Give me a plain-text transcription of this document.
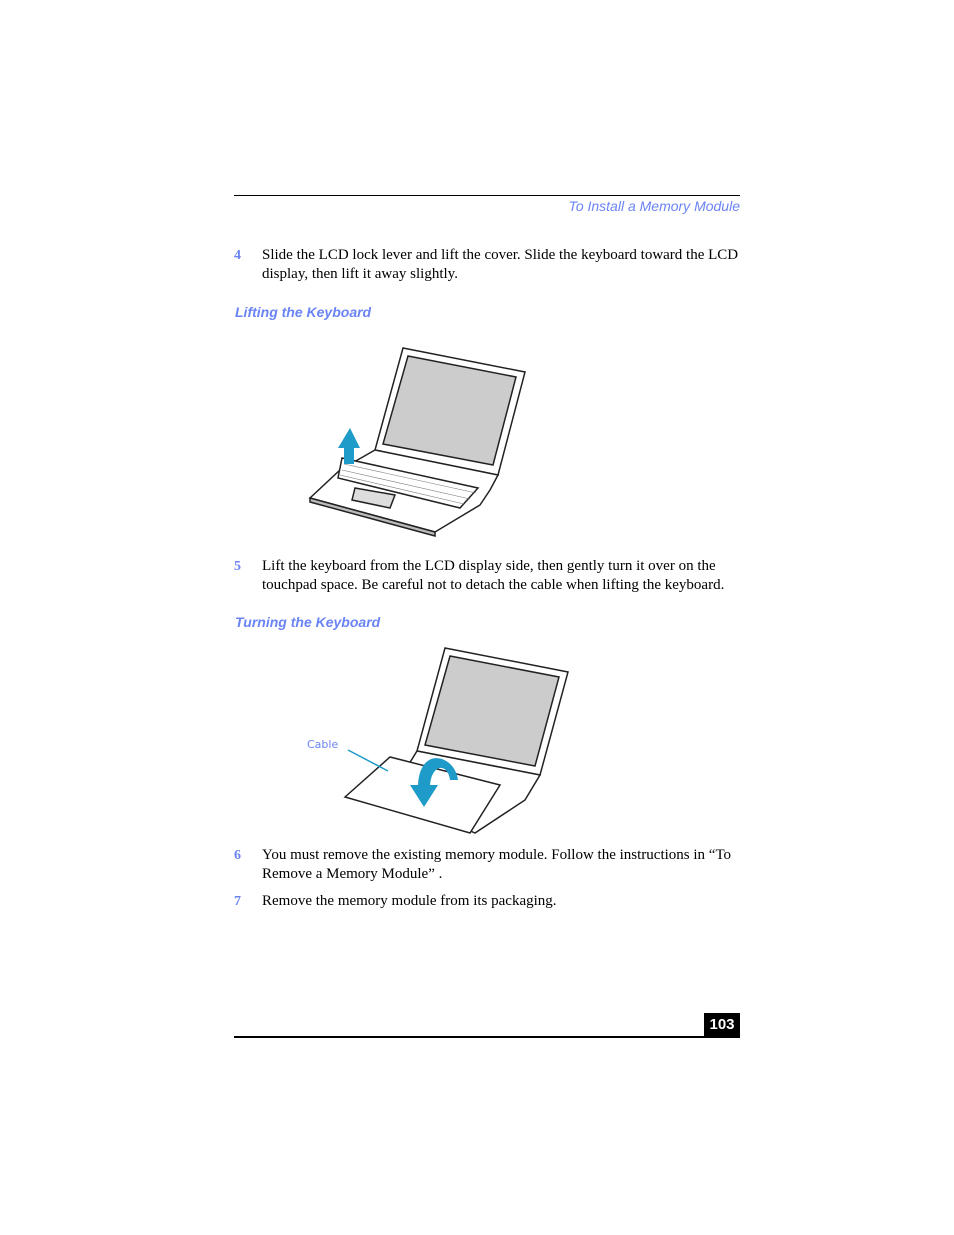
To Install a Memory Module
4 Slide the LCD lock lever and lift the cover. Slide the keyboard toward the LCD display, then lift it away slightly.
Lifting the Keyboard
5 Lift the keyboard from the LCD display side, then gently turn it over on the touchpad space. Be careful not to detach the cable when lifting the keyboard.
Turning the Keyboard
Cable
6 You must remove the existing memory module. Follow the instructions in “To Remove a Memory Module” .
7 Remove the memory module from its packaging.
103
